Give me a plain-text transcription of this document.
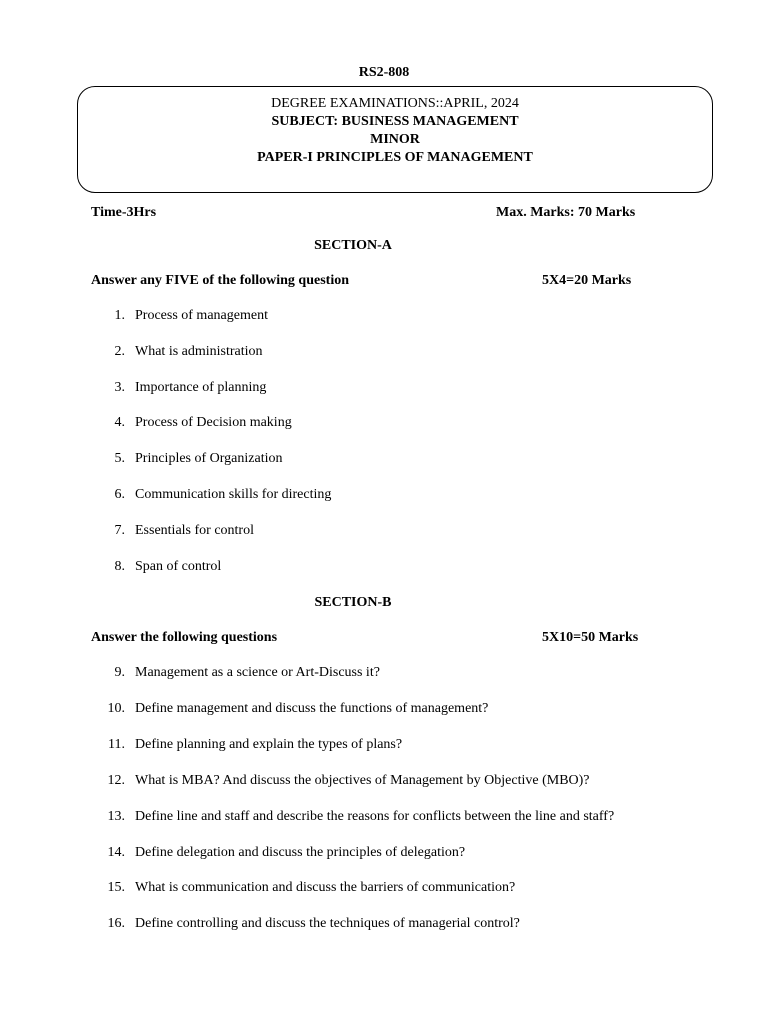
RS2-808
DEGREE EXAMINATIONS::APRIL, 2024
SUBJECT: BUSINESS MANAGEMENT
MINOR
PAPER-I PRINCIPLES OF MANAGEMENT
Time-3Hrs	Max. Marks: 70 Marks
SECTION-A
Answer any FIVE of the following question	5X4=20 Marks
1. Process of management
2. What is administration
3. Importance of planning
4. Process of Decision making
5. Principles of Organization
6. Communication skills for directing
7. Essentials for control
8. Span of control
SECTION-B
Answer the following questions	5X10=50 Marks
9. Management as a science or Art-Discuss it?
10. Define management and discuss the functions of management?
11. Define planning and explain the types of plans?
12. What is MBA? And discuss the objectives of Management by Objective (MBO)?
13. Define line and staff and describe the reasons for conflicts between the line and staff?
14. Define delegation and discuss the principles of delegation?
15. What is communication and discuss the barriers of communication?
16. Define controlling and discuss the techniques of managerial control?
